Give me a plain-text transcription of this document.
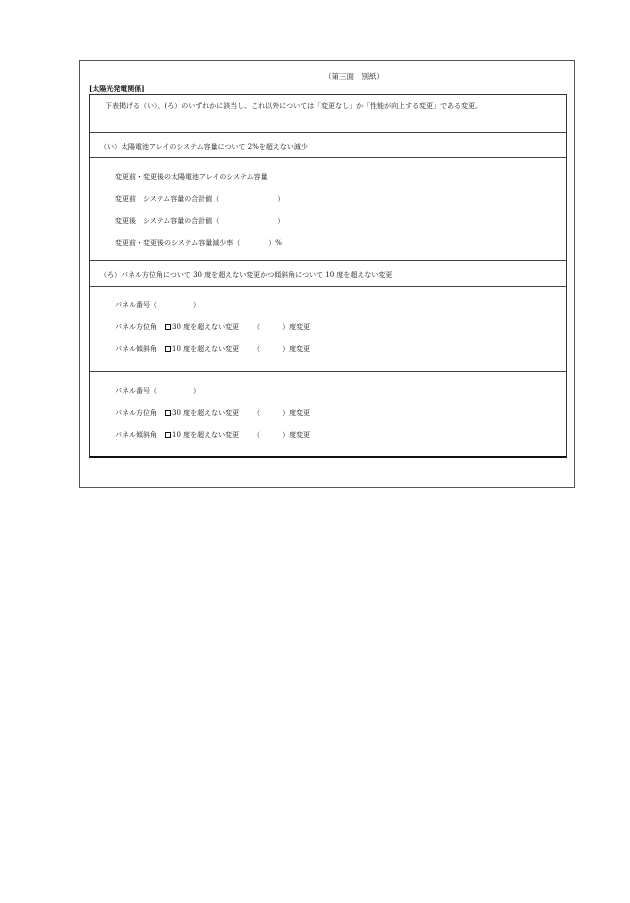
（第三面　別紙）
[太陽光発電関係]
下表掲げる（い）、(ろ）のいずれかに該当し、これ以外については「変更なし」か「性能が向上する変更」である変更。
（い）太陽電池アレイのシステム容量について 2%を超えない減少
変更前・変更後の太陽電池アレイのシステム容量
変更前　システム容量の合計値（	）
変更後　システム容量の合計値（	）
変更前・変更後のシステム容量減少率（	）%
（ろ）パネル方位角について 30 度を超えない変更かつ傾斜角について 10 度を超えない変更
パネル番号（	）
パネル方位角 30 度を超えない変更 （	）度変更
パネル傾斜角 10 度を超えない変更 （	）度変更
パネル番号（	）
パネル方位角 30 度を超えない変更 （	）度変更
パネル傾斜角 10 度を超えない変更 （	）度変更
